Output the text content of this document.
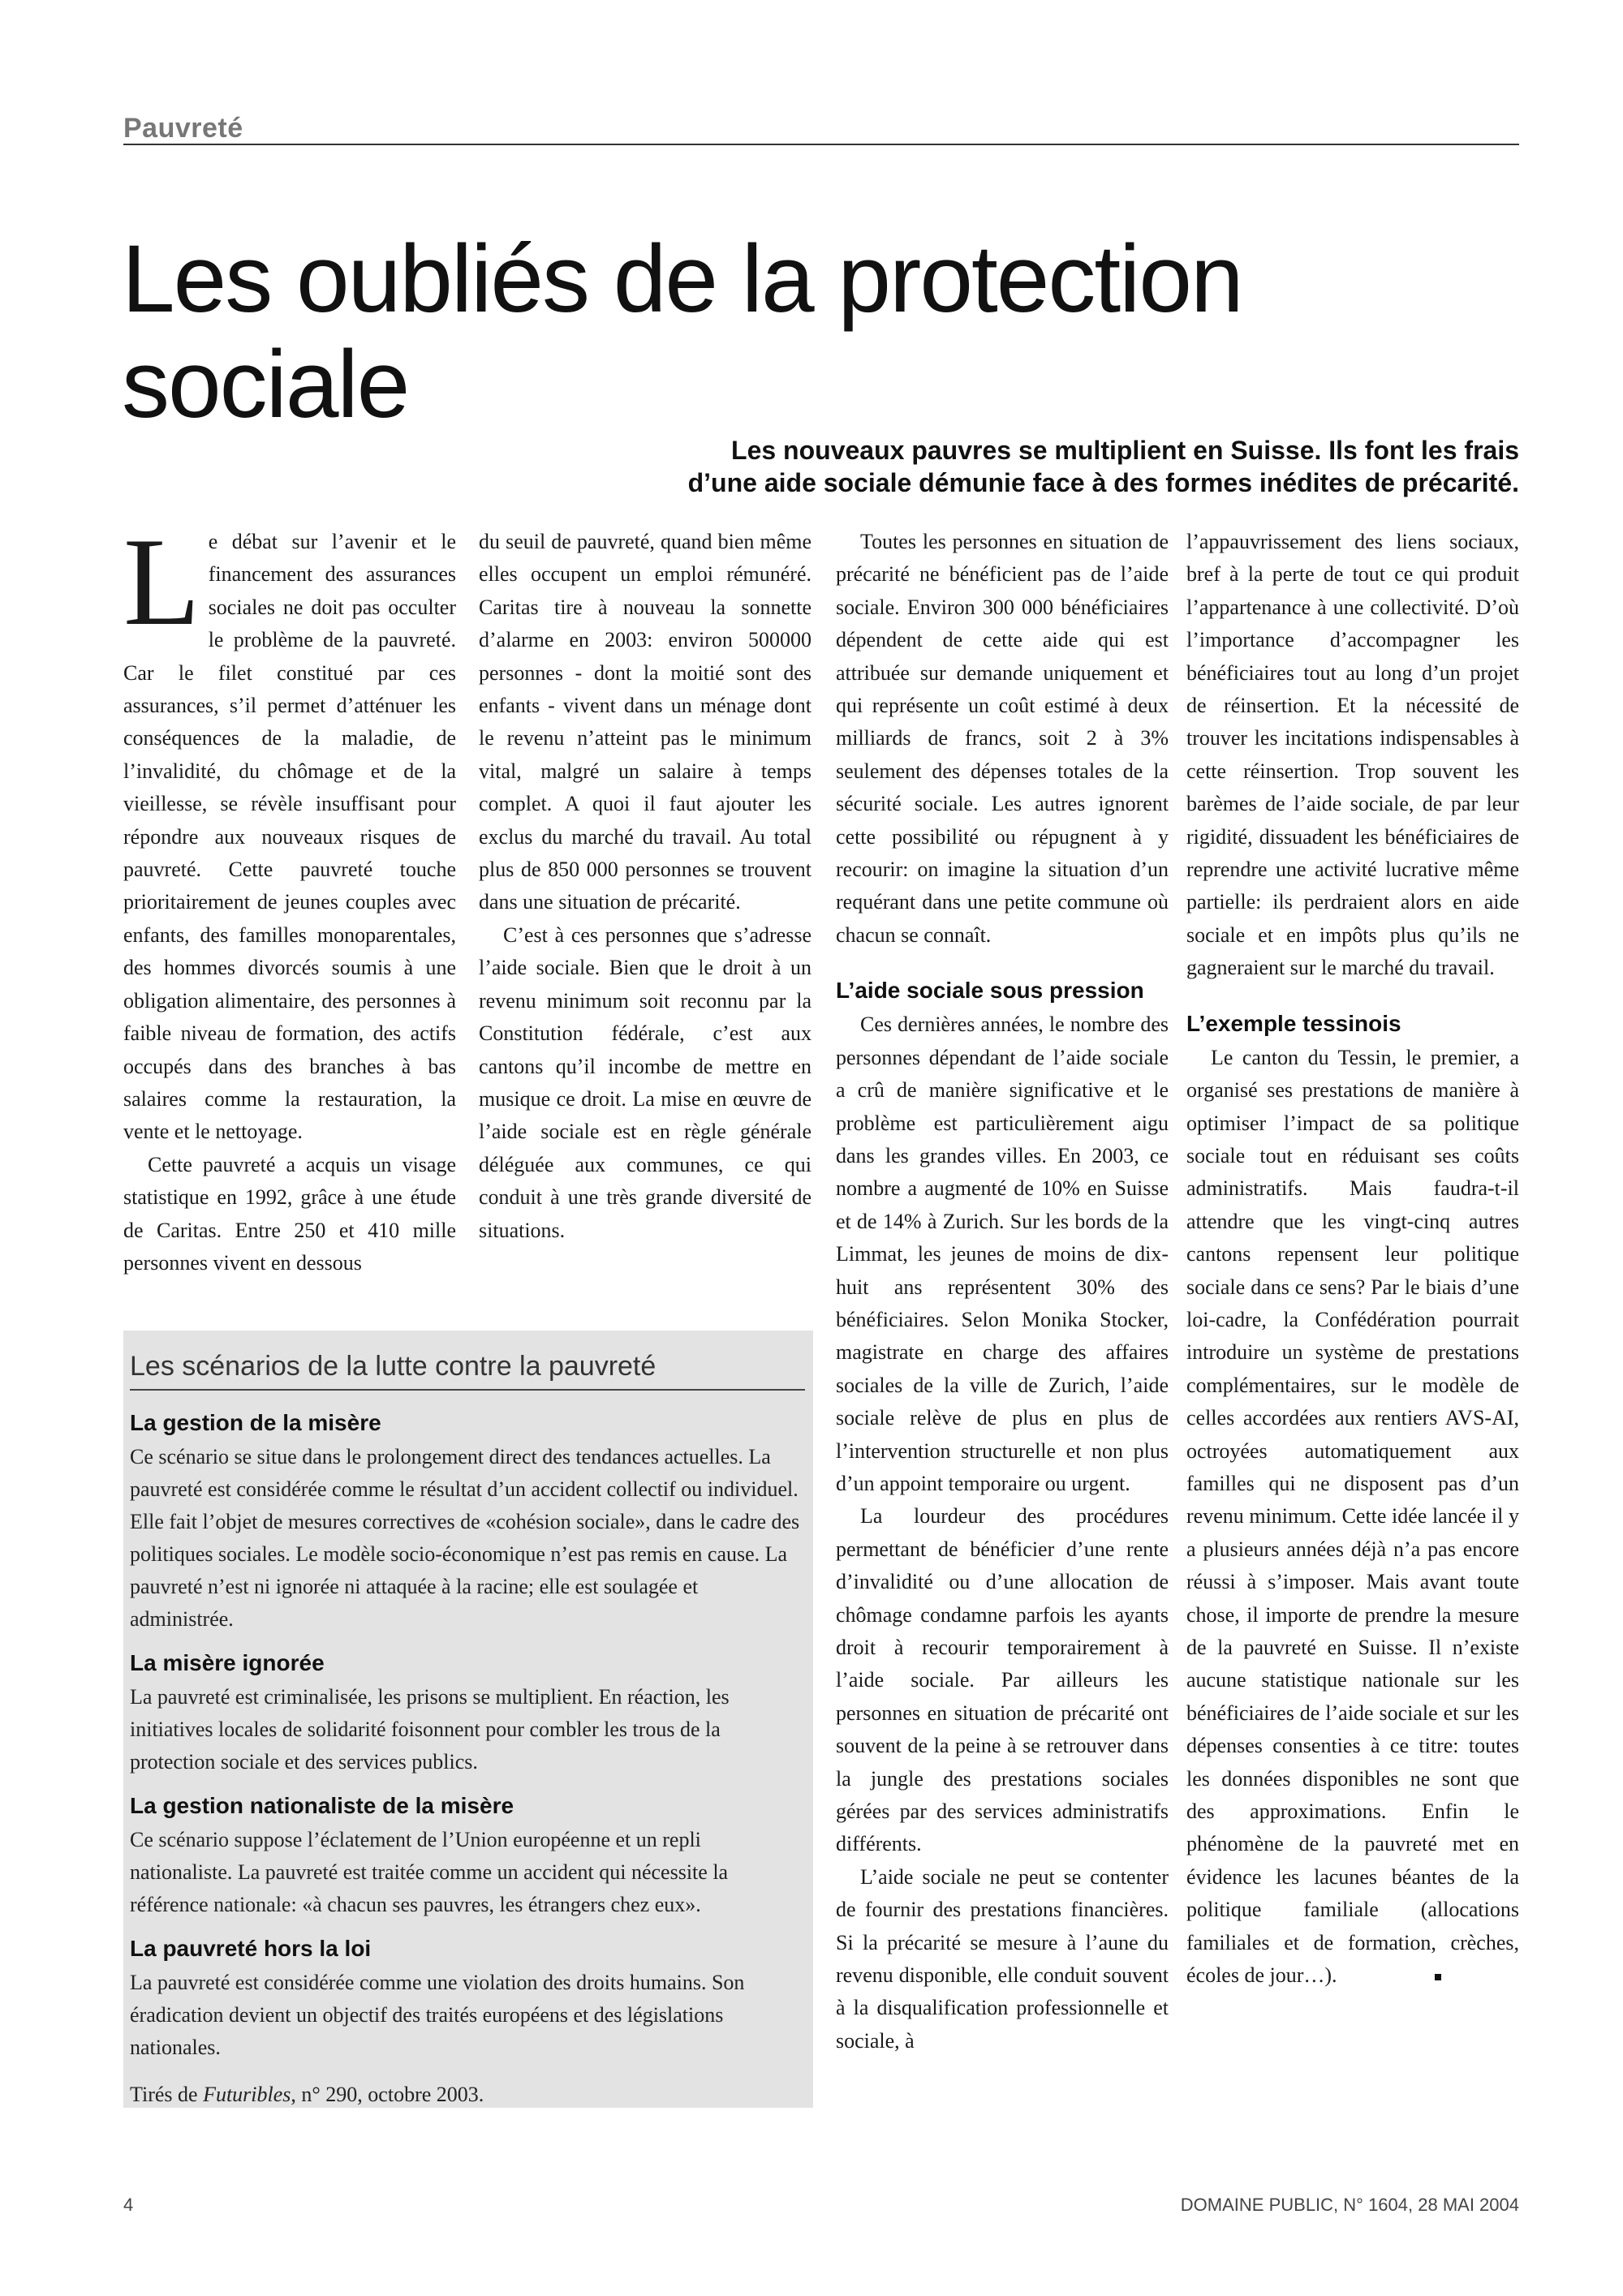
Pauvreté
Les oubliés de la protection sociale

Les nouveaux pauvres se multiplient en Suisse. Ils font les frais
d’une aide sociale démunie face à des formes inédites de précarité.

Le débat sur l’avenir et le financement des assurances sociales ne doit pas occulter le problème de la pauvreté. Car le filet constitué par ces assurances, s’il permet d’atténuer les conséquences de la maladie, de l’invalidité, du chômage et de la vieillesse, se révèle insuffisant pour répondre aux nouveaux risques de pauvreté. Cette pauvreté touche prioritairement de jeunes couples avec enfants, des familles monoparentales, des hommes divorcés soumis à une obligation alimentaire, des personnes à faible niveau de formation, des actifs occupés dans des branches à bas salaires comme la restauration, la vente et le nettoyage.

Cette pauvreté a acquis un visage statistique en 1992, grâce à une étude de Caritas. Entre 250 et 410 mille personnes vivent en dessous

du seuil de pauvreté, quand bien même elles occupent un emploi rémunéré. Caritas tire à nouveau la sonnette d’alarme en 2003: environ 500000 personnes - dont la moitié sont des enfants - vivent dans un ménage dont le revenu n’atteint pas le minimum vital, malgré un salaire à temps complet. A quoi il faut ajouter les exclus du marché du travail. Au total plus de 850 000 personnes se trouvent dans une situation de précarité.

C’est à ces personnes que s’adresse l’aide sociale. Bien que le droit à un revenu minimum soit reconnu par la Constitution fédérale, c’est aux cantons qu’il incombe de mettre en musique ce droit. La mise en œuvre de l’aide sociale est en règle générale déléguée aux communes, ce qui conduit à une très grande diversité de situations.

Toutes les personnes en situation de précarité ne bénéficient pas de l’aide sociale. Environ 300 000 bénéficiaires dépendent de cette aide qui est attribuée sur demande uniquement et qui représente un coût estimé à deux milliards de francs, soit 2 à 3% seulement des dépenses totales de la sécurité sociale. Les autres ignorent cette possibilité ou répugnent à y recourir: on imagine la situation d’un requérant dans une petite commune où chacun se connaît.

L’aide sociale sous pression

Ces dernières années, le nombre des personnes dépendant de l’aide sociale a crû de manière significative et le problème est particulièrement aigu dans les grandes villes. En 2003, ce nombre a augmenté de 10% en Suisse et de 14% à Zurich. Sur les bords de la Limmat, les jeunes de moins de dix-huit ans représentent 30% des bénéficiaires. Selon Monika Stocker, magistrate en charge des affaires sociales de la ville de Zurich, l’aide sociale relève de plus en plus de l’intervention structurelle et non plus d’un appoint temporaire ou urgent.

La lourdeur des procédures permettant de bénéficier d’une rente d’invalidité ou d’une allocation de chômage condamne parfois les ayants droit à recourir temporairement à l’aide sociale. Par ailleurs les personnes en situation de précarité ont souvent de la peine à se retrouver dans la jungle des prestations sociales gérées par des services administratifs différents.

L’aide sociale ne peut se contenter de fournir des prestations financières. Si la précarité se mesure à l’aune du revenu disponible, elle conduit souvent à la disqualification professionnelle et sociale, à

l’appauvrissement des liens sociaux, bref à la perte de tout ce qui produit l’appartenance à une collectivité. D’où l’importance d’accompagner les bénéficiaires tout au long d’un projet de réinsertion. Et la nécessité de trouver les incitations indispensables à cette réinsertion. Trop souvent les barèmes de l’aide sociale, de par leur rigidité, dissuadent les bénéficiaires de reprendre une activité lucrative même partielle: ils perdraient alors en aide sociale et en impôts plus qu’ils ne gagneraient sur le marché du travail.

L’exemple tessinois

Le canton du Tessin, le premier, a organisé ses prestations de manière à optimiser l’impact de sa politique sociale tout en réduisant ses coûts administratifs. Mais faudra-t-il attendre que les vingt-cinq autres cantons repensent leur politique sociale dans ce sens? Par le biais d’une loi-cadre, la Confédération pourrait introduire un système de prestations complémentaires, sur le modèle de celles accordées aux rentiers AVS-AI, octroyées automatiquement aux familles qui ne disposent pas d’un revenu minimum. Cette idée lancée il y a plusieurs années déjà n’a pas encore réussi à s’imposer. Mais avant toute chose, il importe de prendre la mesure de la pauvreté en Suisse. Il n’existe aucune statistique nationale sur les bénéficiaires de l’aide sociale et sur les dépenses consenties à ce titre: toutes les données disponibles ne sont que des approximations. Enfin le phénomène de la pauvreté met en évidence les lacunes béantes de la politique familiale (allocations familiales et de formation, crèches, écoles de jour…).

Les scénarios de la lutte contre la pauvreté
La gestion de la misère

Ce scénario se situe dans le prolongement direct des tendances actuelles. La pauvreté est considérée comme le résultat d’un accident collectif ou individuel. Elle fait l’objet de mesures correctives de «cohésion sociale», dans le cadre des politiques sociales. Le modèle socio-économique n’est pas remis en cause. La pauvreté n’est ni ignorée ni attaquée à la racine; elle est soulagée et administrée.

La misère ignorée

La pauvreté est criminalisée, les prisons se multiplient. En réaction, les initiatives locales de solidarité foisonnent pour combler les trous de la protection sociale et des services publics.

La gestion nationaliste de la misère

Ce scénario suppose l’éclatement de l’Union européenne et un repli nationaliste. La pauvreté est traitée comme un accident qui nécessite la référence nationale: «à chacun ses pauvres, les étrangers chez eux».

La pauvreté hors la loi

La pauvreté est considérée comme une violation des droits humains. Son éradication devient un objectif des traités européens et des législations nationales.

Tirés de Futuribles, n° 290, octobre 2003.

4	DOMAINE PUBLIC, N° 1604, 28 MAI 2004
